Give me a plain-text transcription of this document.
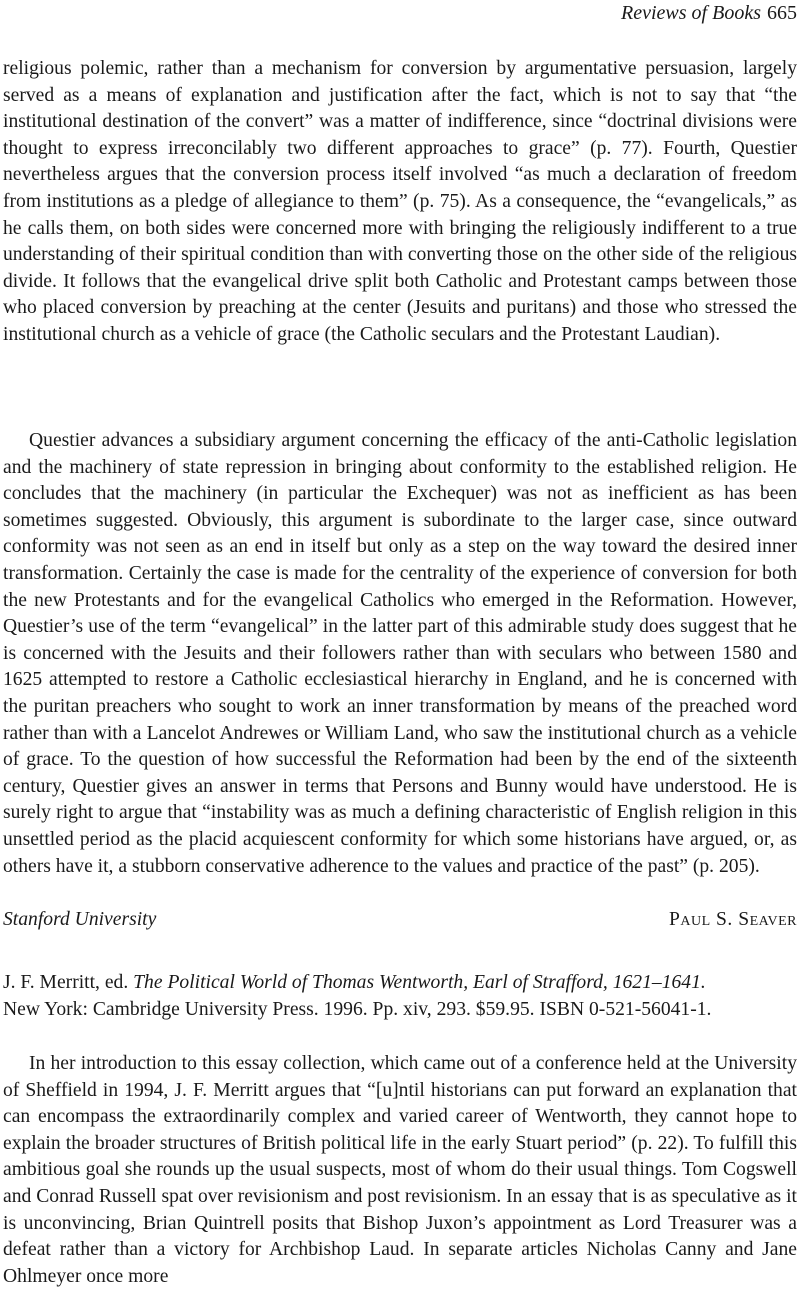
Reviews of Books 665

religious polemic, rather than a mechanism for conversion by argumentative persuasion, largely served as a means of explanation and justification after the fact, which is not to say that “the institutional destination of the convert” was a matter of indifference, since “doctrinal divisions were thought to express irreconcilably two different approaches to grace” (p. 77). Fourth, Questier nevertheless argues that the conversion process itself involved “as much a declaration of freedom from institutions as a pledge of allegiance to them” (p. 75). As a consequence, the “evangelicals,” as he calls them, on both sides were concerned more with bringing the religiously indifferent to a true understanding of their spiritual condition than with converting those on the other side of the religious divide. It follows that the evangelical drive split both Catholic and Protestant camps between those who placed conversion by preaching at the center (Jesuits and puritans) and those who stressed the institutional church as a vehicle of grace (the Catholic seculars and the Protestant Laudian).

Questier advances a subsidiary argument concerning the efficacy of the anti-Catholic legislation and the machinery of state repression in bringing about conformity to the established religion. He concludes that the machinery (in particular the Exchequer) was not as inefficient as has been sometimes suggested. Obviously, this argument is subordinate to the larger case, since outward conformity was not seen as an end in itself but only as a step on the way toward the desired inner transformation. Certainly the case is made for the centrality of the experience of conversion for both the new Protestants and for the evangelical Catholics who emerged in the Reformation. However, Questier’s use of the term “evangelical” in the latter part of this admirable study does suggest that he is concerned with the Jesuits and their followers rather than with seculars who between 1580 and 1625 attempted to restore a Catholic ecclesiastical hierarchy in England, and he is concerned with the puritan preachers who sought to work an inner transformation by means of the preached word rather than with a Lancelot Andrewes or William Land, who saw the institutional church as a vehicle of grace. To the question of how successful the Reformation had been by the end of the sixteenth century, Questier gives an answer in terms that Persons and Bunny would have understood. He is surely right to argue that “instability was as much a defining characteristic of English religion in this unsettled period as the placid acquiescent conformity for which some historians have argued, or, as others have it, a stubborn conservative adherence to the values and practice of the past” (p. 205).

Stanford University	Paul S. Seaver
J. F. Merritt, ed. The Political World of Thomas Wentworth, Earl of Strafford, 1621–1641.
New York: Cambridge University Press. 1996. Pp. xiv, 293. $59.95. ISBN 0-521-56041-1.

In her introduction to this essay collection, which came out of a conference held at the University of Sheffield in 1994, J. F. Merritt argues that “[u]ntil historians can put forward an explanation that can encompass the extraordinarily complex and varied career of Wentworth, they cannot hope to explain the broader structures of British political life in the early Stuart period” (p. 22). To fulfill this ambitious goal she rounds up the usual suspects, most of whom do their usual things. Tom Cogswell and Conrad Russell spat over revisionism and post revisionism. In an essay that is as speculative as it is unconvincing, Brian Quintrell posits that Bishop Juxon’s appointment as Lord Treasurer was a defeat rather than a victory for Archbishop Laud. In separate articles Nicholas Canny and Jane Ohlmeyer once more
